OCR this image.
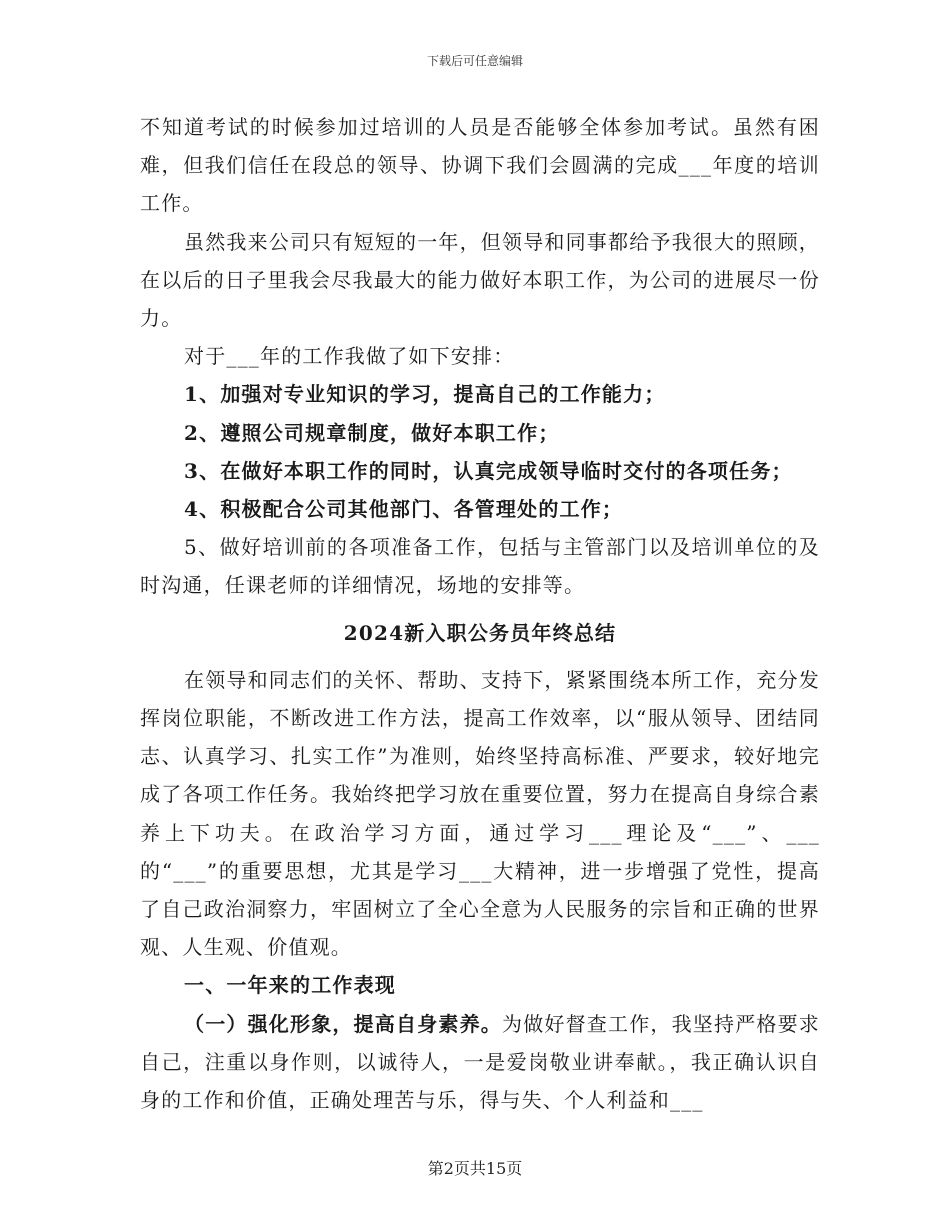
下载后可任意编辑

不知道考试的时候参加过培训的人员是否能够全体参加考试。虽然有困难，但我们信任在段总的领导、协调下我们会圆满的完成___年度的培训工作。

虽然我来公司只有短短的一年，但领导和同事都给予我很大的照顾，在以后的日子里我会尽我最大的能力做好本职工作，为公司的进展尽一份力。

对于___年的工作我做了如下安排：

1、加强对专业知识的学习，提高自己的工作能力；

2、遵照公司规章制度，做好本职工作；

3、在做好本职工作的同时，认真完成领导临时交付的各项任务；

4、积极配合公司其他部门、各管理处的工作；

5、做好培训前的各项准备工作，包括与主管部门以及培训单位的及时沟通，任课老师的详细情况，场地的安排等。

2024新入职公务员年终总结

在领导和同志们的关怀、帮助、支持下，紧紧围绕本所工作，充分发挥岗位职能，不断改进工作方法，提高工作效率，以“服从领导、团结同志、认真学习、扎实工作”为准则，始终坚持高标准、严要求，较好地完成了各项工作任务。我始终把学习放在重要位置，努力在提高自身综合素养上下功夫。在政治学习方面，通过学习___理论及“___”、___的“___”的重要思想，尤其是学习___大精神，进一步增强了党性，提高了自己政治洞察力，牢固树立了全心全意为人民服务的宗旨和正确的世界观、人生观、价值观。

一、一年来的工作表现

（一）强化形象，提高自身素养。为做好督查工作，我坚持严格要求自己，注重以身作则，以诚待人，一是爱岗敬业讲奉献。，我正确认识自身的工作和价值，正确处理苦与乐，得与失、个人利益和___

第2页共15页
